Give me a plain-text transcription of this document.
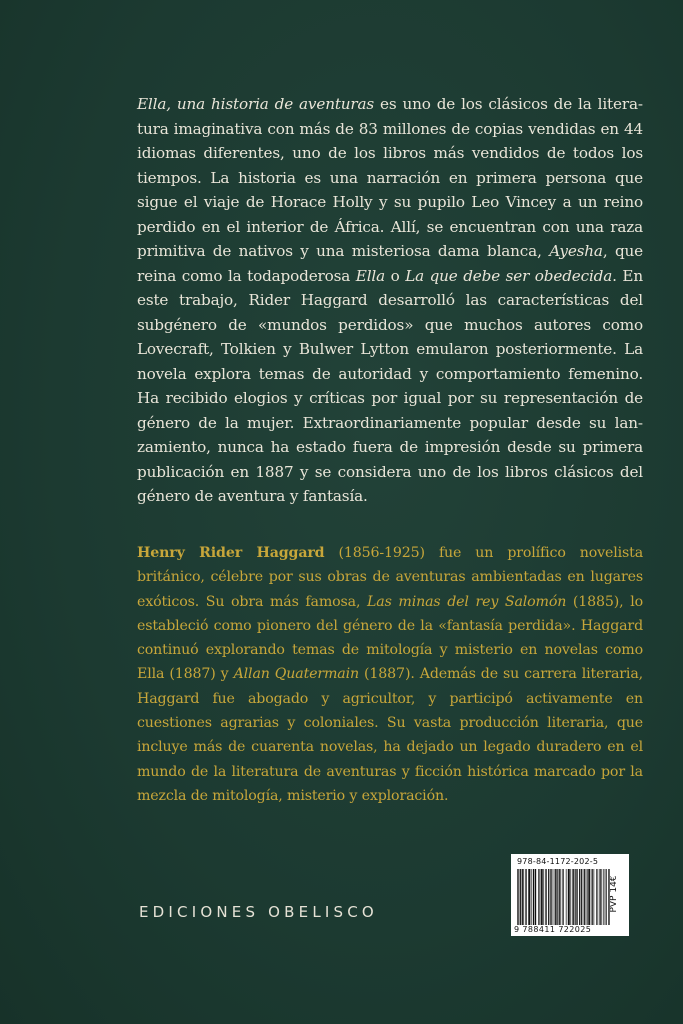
Ella, una historia de aventuras es uno de los clásicos de la literatura imaginativa con más de 83 millones de copias vendidas en 44 idiomas diferentes, uno de los libros más vendidos de todos los tiempos. La historia es una narración en primera persona que sigue el viaje de Horace Holly y su pupilo Leo Vincey a un reino perdido en el interior de África. Allí, se encuentran con una raza primitiva de nativos y una misteriosa dama blanca, Ayesha, que reina como la todapoderosa Ella o La que debe ser obedecida. En este trabajo, Rider Haggard desarrolló las características del subgénero de «mundos perdidos» que muchos autores como Lovecraft, Tolkien y Bulwer Lytton emularon posteriormente. La novela explora temas de autoridad y comportamiento femenino. Ha recibido elogios y críticas por igual por su representación de género de la mujer. Extraordinariamente popular desde su lanzamiento, nunca ha estado fuera de impresión desde su primera publicación en 1887 y se considera uno de los libros clásicos del género de aventura y fantasía.

Henry Rider Haggard (1856-1925) fue un prolífico novelista británico, célebre por sus obras de aventuras ambientadas en lugares exóticos. Su obra más famosa, Las minas del rey Salomón (1885), lo estableció como pionero del género de la «fantasía perdida». Haggard continuó explorando temas de mitología y misterio en novelas como Ella (1887) y Allan Quatermain (1887). Además de su carrera literaria, Haggard fue abogado y agricultor, y participó activamente en cuestiones agrarias y coloniales. Su vasta producción literaria, que incluye más de cuarenta novelas, ha dejado un legado duradero en el mundo de la literatura de aventuras y ficción histórica marcado por la mezcla de mitología, misterio y exploración.

EDICIONES OBELISCO
978-84-1172-202-5
9 788411 722025
PVP 14€
